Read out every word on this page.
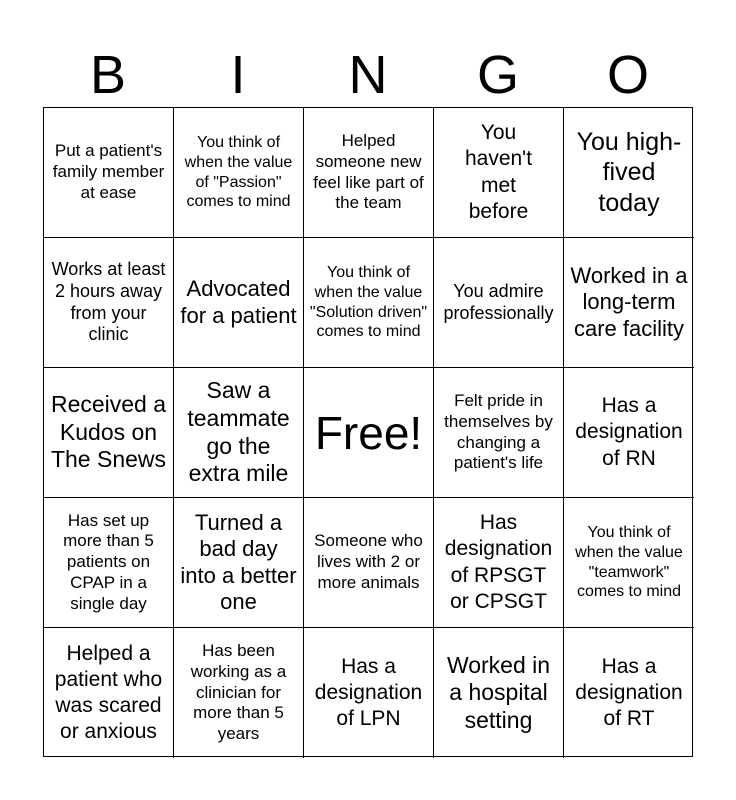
B	I	N	G	O
Put a patient's family member at ease
You think of when the value of "Passion" comes to mind
Helped someone new feel like part of the team
You haven't met before
You high-fived today
Works at least 2 hours away from your clinic
Advocated for a patient
You think of when the value "Solution driven" comes to mind
You admire professionally
Worked in a long-term care facility
Received a Kudos on The Snews
Saw a teammate go the extra mile
Free!
Felt pride in themselves by changing a patient's life
Has a designation of RN
Has set up more than 5 patients on CPAP in a single day
Turned a bad day into a better one
Someone who lives with 2 or more animals
Has designation of RPSGT or CPSGT
You think of when the value "teamwork" comes to mind
Helped a patient who was scared or anxious
Has been working as a clinician for more than 5 years
Has a designation of LPN
Worked in a hospital setting
Has a designation of RT
